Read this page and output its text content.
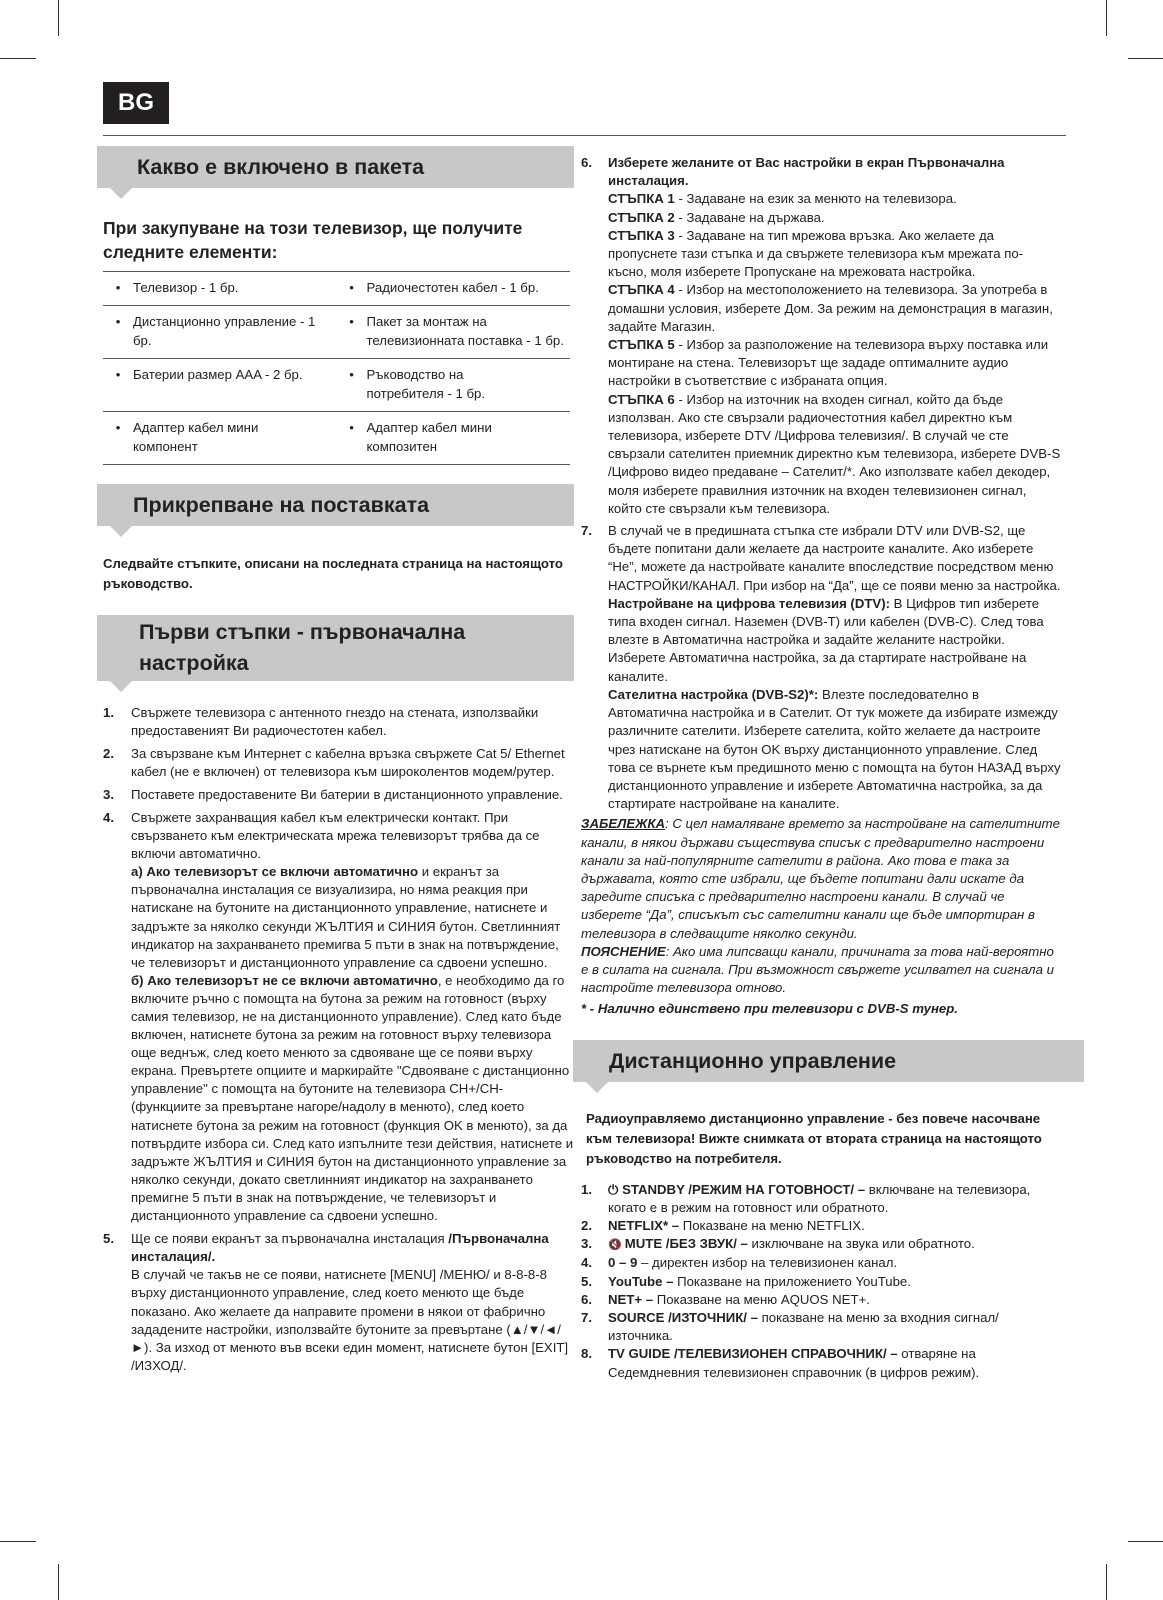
BG
Какво е включено в пакета

При закупуване на този телевизор, ще получите следните елементи:

• Телевизор - 1 бр.	• Радиочестотен кабел - 1 бр.
• Дистанционно управление - 1 бр.
• Пакет за монтаж на телевизионната поставка - 1 бр.
• Батерии размер AAA - 2 бр.	• Ръководство на потребителя - 1 бр.
• Адаптер кабел мини компонент
• Адаптер кабел мини композитен
Прикрепване на поставката

Следвайте стъпките, описани на последната страница на настоящото ръководство.

Първи стъпки - първоначална настройка
1. Свържете телевизора с антенното гнездо на стената, използвайки предоставеният Ви радиочестотен кабел.
2. За свързване към Интернет с кабелна връзка свържете Cat 5/ Ethernet кабел (не е включен) от телевизора към широколентов модем/рутер.
3. Поставете предоставените Ви батерии в дистанционното управление.
4. Свържете захранващия кабел към електрически контакт. При свързването към електрическата мрежа телевизорът трябва да се включи автоматично.
а) Ако телевизорът се включи автоматично и екранът за първоначална инсталация се визуализира, но няма реакция при натискане на бутоните на дистанционното управление, натиснете и задръжте за няколко секунди ЖЪЛТИЯ и СИНИЯ бутон. Светлинният индикатор на захранването премигва 5 пъти в знак на потвърждение, че телевизорът и дистанционното управление са сдвоени успешно.
б) Ако телевизорът не се включи автоматично, е необходимо да го включите ръчно с помощта на бутона за режим на готовност (върху самия телевизор, не на дистанционното управление). След като бъде включен, натиснете бутона за режим на готовност върху телевизора още веднъж, след което менюто за сдвояване ще се появи върху екрана. Превъртете опциите и маркирайте "Сдвояване с дистанционно управление" с помощта на бутоните на телевизора CH+/CH- (функциите за превъртане нагоре/надолу в менюто), след което натиснете бутона за режим на готовност (функция OK в менюто), за да потвърдите избора си. След като изпълните тези действия, натиснете и задръжте ЖЪЛТИЯ и СИНИЯ бутон на дистанционното управление за няколко секунди, докато светлинният индикатор на захранването премигне 5 пъти в знак на потвърждение, че телевизорът и дистанционното управление са сдвоени успешно.
5. Ще се появи екранът за първоначална инсталация /Първоначална инсталация/.
В случай че такъв не се появи, натиснете [MENU] /МЕНЮ/ и 8-8-8-8 върху дистанционното управление, след което менюто ще бъде показано. Ако желаете да направите промени в някои от фабрично зададените настройки, използвайте бутоните за превъртане (▲/▼/◄/►). За изход от менюто във всеки един момент, натиснете бутон [EXIT] /ИЗХОД/.
6. Изберете желаните от Вас настройки в екран Първоначална инсталация.
СТЪПКА 1 - Задаване на език за менюто на телевизора.
СТЪПКА 2 - Задаване на държава.
СТЪПКА 3 - Задаване на тип мрежова връзка. Ако желаете да пропуснете тази стъпка и да свържете телевизора към мрежата по-късно, моля изберете Пропускане на мрежовата настройка.
СТЪПКА 4 - Избор на местоположението на телевизора. За употреба в домашни условия, изберете Дом. За режим на демонстрация в магазин, задайте Магазин.
СТЪПКА 5 - Избор за разположение на телевизора върху поставка или монтиране на стена. Телевизорът ще зададе оптималните аудио настройки в съответствие с избраната опция.
СТЪПКА 6 - Избор на източник на входен сигнал, който да бъде използван. Ако сте свързали радиочестотния кабел директно към телевизора, изберете DTV /Цифрова телевизия/. В случай че сте свързали сателитен приемник директно към телевизора, изберете DVB-S /Цифрово видео предаване – Сателит/*. Ако използвате кабел декодер, моля изберете правилния източник на входен телевизионен сигнал, който сте свързали към телевизора.
7. В случай че в предишната стъпка сте избрали DTV или DVB-S2, ще бъдете попитани дали желаете да настроите каналите. Ако изберете “Не”, можете да настройвате каналите впоследствие посредством меню НАСТРОЙКИ/КАНАЛ. При избор на “Да”, ще се появи меню за настройка.
Настройване на цифрова телевизия (DTV): В Цифров тип изберете типа входен сигнал. Наземен (DVB-T) или кабелен (DVB-C). След това влезте в Автоматична настройка и задайте желаните настройки. Изберете Автоматична настройка, за да стартирате настройване на каналите.
Сателитна настройка (DVB-S2)*: Влезте последователно в Автоматична настройка и в Сателит. От тук можете да избирате измежду различните сателити. Изберете сателита, който желаете да настроите чрез натискане на бутон OK върху дистанционното управление. След това се върнете към предишното меню с помощта на бутон НАЗАД върху дистанционното управление и изберете Автоматична настройка, за да стартирате настройване на каналите.
ЗАБЕЛЕЖКА: С цел намаляване времето за настройване на сателитните канали, в някои държави съществува списък с предварително настроени канали за най-популярните сателити в района. Ако това е така за държавата, която сте избрали, ще бъдете попитани дали искате да заредите списъка с предварително настроени канали. В случай че изберете “Да”, списъкът със сателитни канали ще бъде импортиран в телевизора в следващите няколко секунди.
ПОЯСНЕНИЕ: Ако има липсващи канали, причината за това най-вероятно е в силата на сигнала. При възможност свържете усилвател на сигнала и настройте телевизора отново.
* - Налично единствено при телевизори с DVB-S тунер.
Дистанционно управление

Радиоуправляемо дистанционно управление - без повече насочване към телевизора! Вижте снимката от втората страница на настоящото ръководство на потребителя.

1. ⏻ STANDBY /РЕЖИМ НА ГОТОВНОСТ/ – включване на телевизора, когато е в режим на готовност или обратното.
2. NETFLIX* – Показване на меню NETFLIX.
3. 🔇 MUTE /БЕЗ ЗВУК/ – изключване на звука или обратното.
4. 0 – 9 – директен избор на телевизионен канал.
5. YouTube – Показване на приложението YouTube.
6. NET+ – Показване на меню AQUOS NET+.
7. SOURCE /ИЗТОЧНИК/ – показване на меню за входния сигнал/ източника.
8. TV GUIDE /ТЕЛЕВИЗИОНЕН СПРАВОЧНИК/ – отваряне на Седемдневния телевизионен справочник (в цифров режим).
